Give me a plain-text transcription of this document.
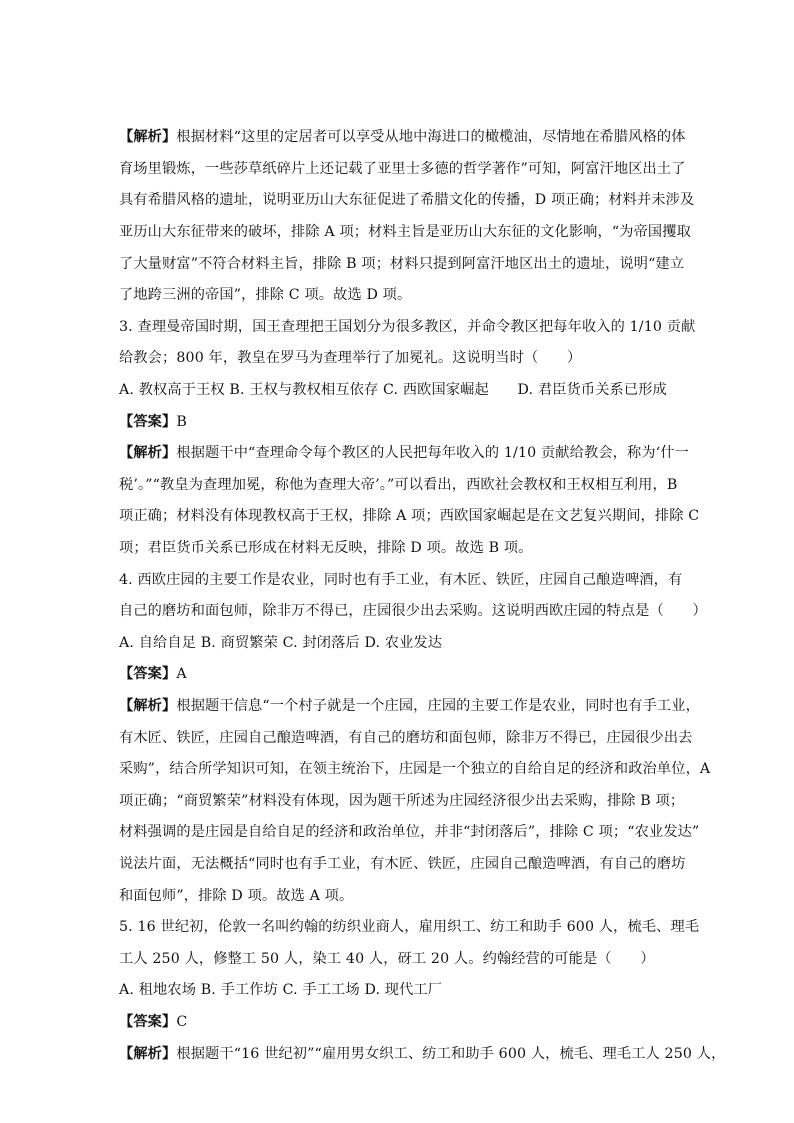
【解析】根据材料“这里的定居者可以享受从地中海进口的橄榄油，尽情地在希腊风格的体
育场里锻炼，一些莎草纸碎片上还记载了亚里士多德的哲学著作”可知，阿富汗地区出土了
具有希腊风格的遗址，说明亚历山大东征促进了希腊文化的传播，D 项正确；材料并未涉及
亚历山大东征带来的破坏，排除 A 项；材料主旨是亚历山大东征的文化影响，“为帝国攫取
了大量财富”不符合材料主旨，排除 B 项；材料只提到阿富汗地区出土的遗址，说明“建立
了地跨三洲的帝国”，排除 C 项。故选 D 项。
3. 查理曼帝国时期，国王查理把王国划分为很多教区，并命令教区把每年收入的 1/10 贡献
给教会；800 年，教皇在罗马为查理举行了加冕礼。这说明当时（　　）
A. 教权高于王权 B. 王权与教权相互依存 C. 西欧国家崛起　　D. 君臣货币关系已形成
【答案】B
【解析】根据题干中“查理命令每个教区的人民把每年收入的 1/10 贡献给教会，称为‘什一
税’。”“教皇为查理加冕，称他为查理大帝’。”可以看出，西欧社会教权和王权相互利用，B
项正确；材料没有体现教权高于王权，排除 A 项；西欧国家崛起是在文艺复兴期间，排除 C
项；君臣货币关系已形成在材料无反映，排除 D 项。故选 B 项。
4. 西欧庄园的主要工作是农业，同时也有手工业，有木匠、铁匠，庄园自己酿造啤酒，有
自己的磨坊和面包师，除非万不得已，庄园很少出去采购。这说明西欧庄园的特点是（　　）
A. 自给自足 B. 商贸繁荣 C. 封闭落后 D. 农业发达
【答案】A
【解析】根据题干信息“一个村子就是一个庄园，庄园的主要工作是农业，同时也有手工业，
有木匠、铁匠，庄园自己酿造啤酒，有自己的磨坊和面包师，除非万不得已，庄园很少出去
采购”，结合所学知识可知，在领主统治下，庄园是一个独立的自给自足的经济和政治单位，A
项正确；“商贸繁荣”材料没有体现，因为题干所述为庄园经济很少出去采购，排除 B 项；
材料强调的是庄园是自给自足的经济和政治单位，并非“封闭落后”，排除 C 项；“农业发达”
说法片面，无法概括“同时也有手工业，有木匠、铁匠，庄园自己酿造啤酒，有自己的磨坊
和面包师”，排除 D 项。故选 A 项。
5. 16 世纪初，伦敦一名叫约翰的纺织业商人，雇用织工、纺工和助手 600 人，梳毛、理毛
工人 250 人，修整工 50 人，染工 40 人，砑工 20 人。约翰经营的可能是（　　）
A. 租地农场 B. 手工作坊 C. 手工工场 D. 现代工厂
【答案】C
【解析】根据题干“16 世纪初”“雇用男女织工、纺工和助手 600 人，梳毛、理毛工人 250 人，
